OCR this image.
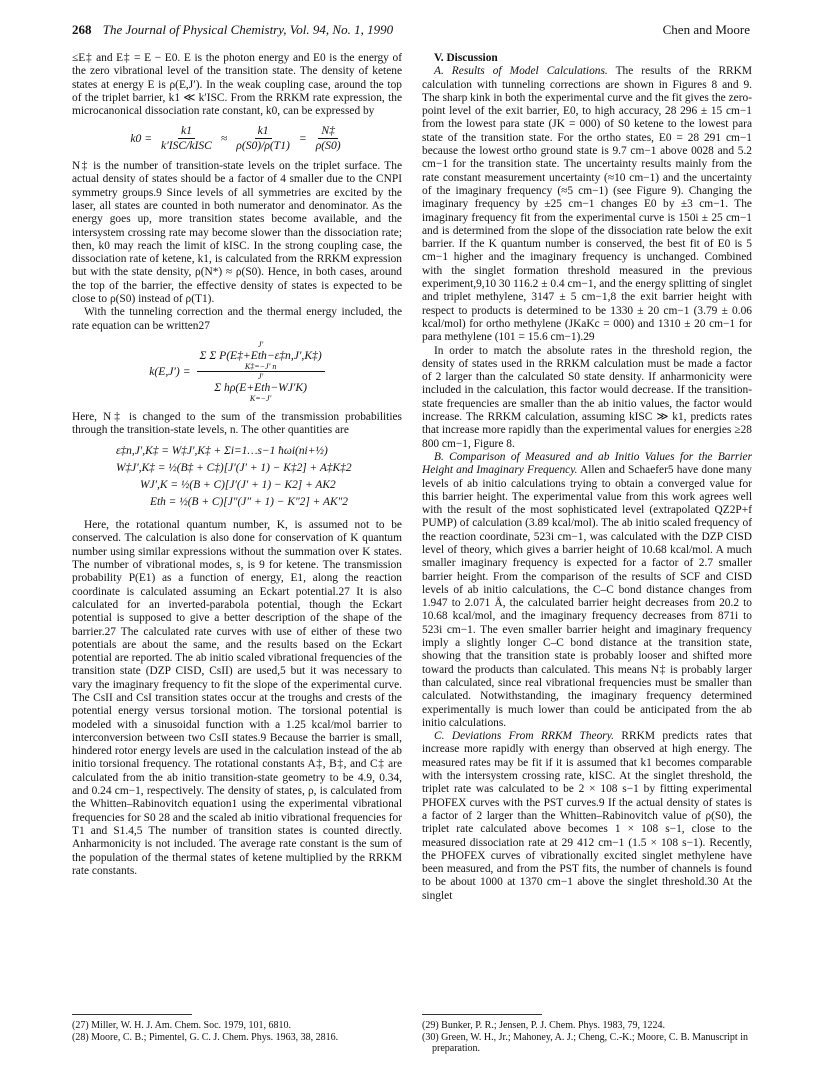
268 The Journal of Physical Chemistry, Vol. 94, No. 1, 1990	Chen and Moore

≤E‡ and E‡ = E − E0. E is the photon energy and E0 is the energy of the zero vibrational level of the transition state. The density of ketene states at energy E is ρ(E,J′). In the weak coupling case, around the top of the triplet barrier, k1 ≪ k′ISC. From the RRKM rate expression, the microcanonical dissociation rate constant, k0, can be expressed by

$k0 = \frac{k1}{\text{k′ISC/kISC}} \approx \frac{k1}{\rho(S0)/\rho(T1)} = \frac{N\ddagger}{\rho(S0)}$

N‡ is the number of transition-state levels on the triplet surface. The actual density of states should be a factor of 4 smaller due to the CNPI symmetry groups.9 Since levels of all symmetries are excited by the laser, all states are counted in both numerator and denominator. As the energy goes up, more transition states become available, and the intersystem crossing rate may become slower than the dissociation rate; then, k0 may reach the limit of kISC. In the strong coupling case, the dissociation rate of ketene, k1, is calculated from the RRKM expression but with the state density, ρ(N*) ≈ ρ(S0). Hence, in both cases, around the top of the barrier, the effective density of states is expected to be close to ρ(S0) instead of ρ(T1).

With the tunneling correction and the thermal energy included, the rate equation can be written27

k(E,J′) = J′
Σ Σ P(E‡+Eth−ε‡n,J′,K‡)
K‡=−J′ n
J′
Σ hρ(E+Eth−WJ′K)
K=−J′

Here, N‡ is changed to the sum of the transmission probabilities through the transition-state levels, n. The other quantities are

ε‡n,J′,K‡ = W‡J′,K‡ + Σi=1…s−1 ħωi(ni+½)
W‡J′,K‡ = ½(B‡ + C‡)[J′(J′ + 1) − K‡2] + A‡K‡2
WJ′,K = ½(B + C)[J′(J′ + 1) − K2] + AK2
Eth = ½(B + C)[J″(J″ + 1) − K″2] + AK″2

Here, the rotational quantum number, K, is assumed not to be conserved. The calculation is also done for conservation of K quantum number using similar expressions without the summation over K states. The number of vibrational modes, s, is 9 for ketene. The transmission probability P(E1) as a function of energy, E1, along the reaction coordinate is calculated assuming an Eckart potential.27 It is also calculated for an inverted-parabola potential, though the Eckart potential is supposed to give a better description of the shape of the barrier.27 The calculated rate curves with use of either of these two potentials are about the same, and the results based on the Eckart potential are reported. The ab initio scaled vibrational frequencies of the transition state (DZP CISD, CsII) are used,5 but it was necessary to vary the imaginary frequency to fit the slope of the experimental curve. The CsII and CsI transition states occur at the troughs and crests of the potential energy versus torsional motion. The torsional potential is modeled with a sinusoidal function with a 1.25 kcal/mol barrier to interconversion between two CsII states.9 Because the barrier is small, hindered rotor energy levels are used in the calculation instead of the ab initio torsional frequency. The rotational constants A‡, B‡, and C‡ are calculated from the ab initio transition-state geometry to be 4.9, 0.34, and 0.24 cm−1, respectively. The density of states, ρ, is calculated from the Whitten–Rabinovitch equation1 using the experimental vibrational frequencies for S0 28 and the scaled ab initio vibrational frequencies for T1 and S1.4,5 The number of transition states is counted directly. Anharmonicity is not included. The average rate constant is the sum of the population of the thermal states of ketene multiplied by the RRKM rate constants.

V. Discussion

A. Results of Model Calculations. The results of the RRKM calculation with tunneling corrections are shown in Figures 8 and 9. The sharp kink in both the experimental curve and the fit gives the zero-point level of the exit barrier, E0, to high accuracy, 28 296 ± 15 cm−1 from the lowest para state (JK = 000) of S0 ketene to the lowest para state of the transition state. For the ortho states, E0 = 28 291 cm−1 because the lowest ortho ground state is 9.7 cm−1 above 0028 and 5.2 cm−1 for the transition state. The uncertainty results mainly from the rate constant measurement uncertainty (≈10 cm−1) and the uncertainty of the imaginary frequency (≈5 cm−1) (see Figure 9). Changing the imaginary frequency by ±25 cm−1 changes E0 by ±3 cm−1. The imaginary frequency fit from the experimental curve is 150i ± 25 cm−1 and is determined from the slope of the dissociation rate below the exit barrier. If the K quantum number is conserved, the best fit of E0 is 5 cm−1 higher and the imaginary frequency is unchanged. Combined with the singlet formation threshold measured in the previous experiment,9,10 30 116.2 ± 0.4 cm−1, and the energy splitting of singlet and triplet methylene, 3147 ± 5 cm−1,8 the exit barrier height with respect to products is determined to be 1330 ± 20 cm−1 (3.79 ± 0.06 kcal/mol) for ortho methylene (JKaKc = 000) and 1310 ± 20 cm−1 for para methylene (101 = 15.6 cm−1).29

In order to match the absolute rates in the threshold region, the density of states used in the RRKM calculation must be made a factor of 2 larger than the calculated S0 state density. If anharmonicity were included in the calculation, this factor would decrease. If the transition-state frequencies are smaller than the ab initio values, the factor would increase. The RRKM calculation, assuming kISC ≫ k1, predicts rates that increase more rapidly than the experimental values for energies ≥28 800 cm−1, Figure 8.

B. Comparison of Measured and ab Initio Values for the Barrier Height and Imaginary Frequency. Allen and Schaefer5 have done many levels of ab initio calculations trying to obtain a converged value for this barrier height. The experimental value from this work agrees well with the result of the most sophisticated level (extrapolated QZ2P+f PUMP) of calculation (3.89 kcal/mol). The ab initio scaled frequency of the reaction coordinate, 523i cm−1, was calculated with the DZP CISD level of theory, which gives a barrier height of 10.68 kcal/mol. A much smaller imaginary frequency is expected for a factor of 2.7 smaller barrier height. From the comparison of the results of SCF and CISD levels of ab initio calculations, the C–C bond distance changes from 1.947 to 2.071 Å, the calculated barrier height decreases from 20.2 to 10.68 kcal/mol, and the imaginary frequency decreases from 871i to 523i cm−1. The even smaller barrier height and imaginary frequency imply a slightly longer C–C bond distance at the transition state, showing that the transition state is probably looser and shifted more toward the products than calculated. This means N‡ is probably larger than calculated, since real vibrational frequencies must be smaller than calculated. Notwithstanding, the imaginary frequency determined experimentally is much lower than could be anticipated from the ab initio calculations.

C. Deviations From RRKM Theory. RRKM predicts rates that increase more rapidly with energy than observed at high energy. The measured rates may be fit if it is assumed that k1 becomes comparable with the intersystem crossing rate, kISC. At the singlet threshold, the triplet rate was calculated to be 2 × 108 s−1 by fitting experimental PHOFEX curves with the PST curves.9 If the actual density of states is a factor of 2 larger than the Whitten–Rabinovitch value of ρ(S0), the triplet rate calculated above becomes 1 × 108 s−1, close to the measured dissociation rate at 29 412 cm−1 (1.5 × 108 s−1). Recently, the PHOFEX curves of vibrationally excited singlet methylene have been measured, and from the PST fits, the number of channels is found to be about 1000 at 1370 cm−1 above the singlet threshold.30 At the singlet

(27) Miller, W. H. J. Am. Chem. Soc. 1979, 101, 6810.
(28) Moore, C. B.; Pimentel, G. C. J. Chem. Phys. 1963, 38, 2816.
(29) Bunker, P. R.; Jensen, P. J. Chem. Phys. 1983, 79, 1224.
(30) Green, W. H., Jr.; Mahoney, A. J.; Cheng, C.-K.; Moore, C. B. Manuscript in preparation.
